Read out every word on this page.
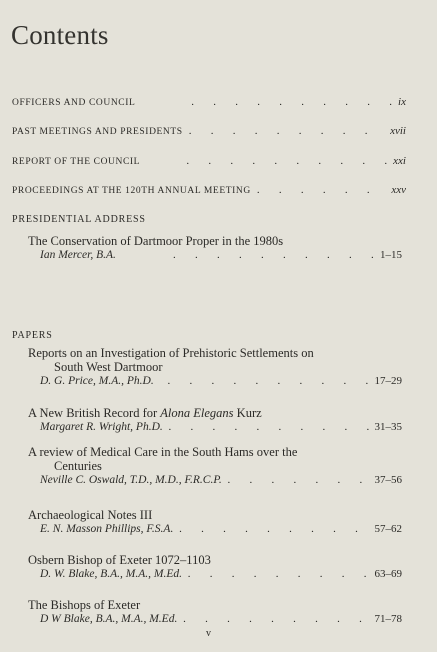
Contents
OFFICERS AND COUNCIL .	ix
PAST MEETINGS AND PRESIDENTS .	xvii
REPORT OF THE COUNCIL .	xxi
PROCEEDINGS AT THE 120TH ANNUAL MEETING .	xxv
PRESIDENTIAL ADDRESS
The Conservation of Dartmoor Proper in the 1980s
Ian Mercer, B.A. .	1–15
PAPERS
Reports on an Investigation of Prehistoric Settlements on
South West Dartmoor
D. G. Price, M.A., Ph.D. .	17–29
A New British Record for Alona Elegans Kurz
Margaret R. Wright, Ph.D. .	31–35
A review of Medical Care in the South Hams over the
Centuries
Neville C. Oswald, T.D., M.D., F.R.C.P. .	37–56
Archaeological Notes III
E. N. Masson Phillips, F.S.A. .	57–62
Osbern Bishop of Exeter 1072–1103
D. W. Blake, B.A., M.A., M.Ed. .	63–69
The Bishops of Exeter
D W Blake, B.A., M.A., M.Ed. .	71–78
v
